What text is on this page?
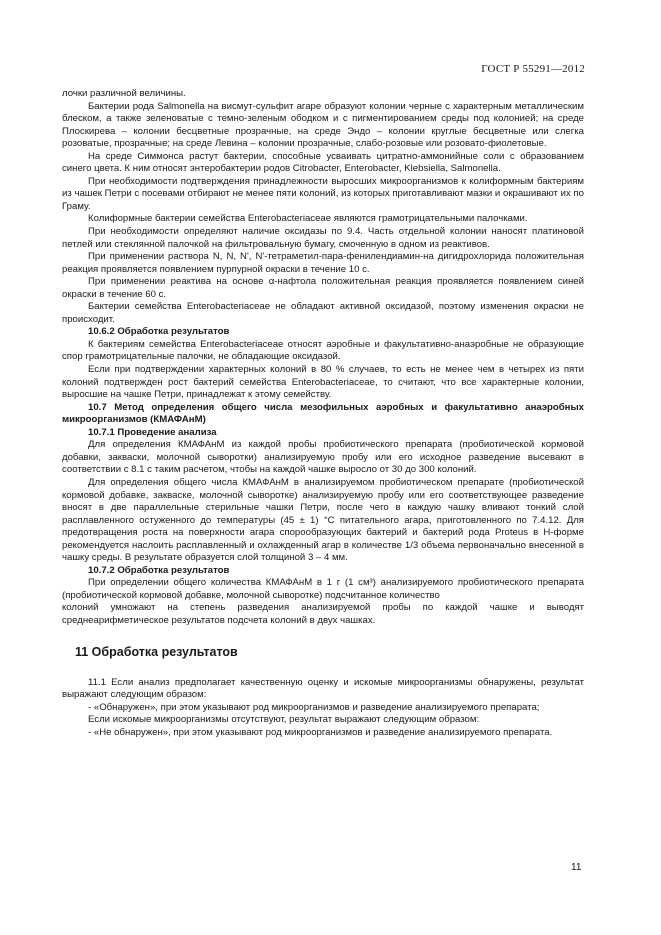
ГОСТ Р 55291—2012

лочки различной величины.

Бактерии рода Salmonella на висмут-сульфит агаре образуют колонии черные с характерным металлическим блеском, а также зеленоватые с темно-зеленым ободком и с пигментированием среды под колонией; на среде Плоскирева – колонии бесцветные прозрачные, на среде Эндо – колонии круглые бесцветные или слегка розоватые, прозрачные; на среде Левина – колонии прозрачные, слабо-розовые или розовато-фиолетовые.

На среде Симмонса растут бактерии, способные усваивать цитратно-аммонийные соли с образованием синего цвета. К ним относят энтеробактерии родов Citrobacter, Enterobacter, Klebsiella, Salmonella.

При необходимости подтверждения принадлежности выросших микроорганизмов к колиформным бактериям из чашек Петри с посевами отбирают не менее пяти колоний, из которых приготавливают мазки и окрашивают их по Граму.

Колиформные бактерии семейства Enterobacteriaceae являются грамотрицательными палочками.

При необходимости определяют наличие оксидазы по 9.4. Часть отдельной колонии наносят платиновой петлей или стеклянной палочкой на фильтровальную бумагу, смоченную в одном из реактивов.

При применении раствора N, N, N', N'-тетраметил-пара-фенилендиамин-на дигидрохлорида положительная реакция проявляется появлением пурпурной окраски в течение 10 с.

При применении реактива на основе α-нафтола положительная реакция проявляется появлением синей окраски в течение 60 с.

Бактерии семейства Enterobacteriaceae не обладают активной оксидазой, поэтому изменения окраски не происходит.

10.6.2 Обработка результатов

К бактериям семейства Enterobacteriaceae относят аэробные и факультативно-анаэробные не образующие спор грамотрицательные палочки, не обладающие оксидазой.

Если при подтверждении характерных колоний в 80 % случаев, то есть не менее чем в четырех из пяти колоний подтвержден рост бактерий семейства Enterobacteriaceae, то считают, что все характерные колонии, выросшие на чашке Петри, принадлежат к этому семейству.

10.7 Метод определения общего числа мезофильных аэробных и факультативно анаэробных микроорганизмов (КМАФАнМ)

10.7.1 Проведение анализа

Для определения КМАФАнМ из каждой пробы пробиотического препарата (пробиотической кормовой добавки, закваски, молочной сыворотки) анализируемую пробу или его исходное разведение высевают в соответствии с 8.1 с таким расчетом, чтобы на каждой чашке выросло от 30 до 300 колоний.

Для определения общего числа КМАФАнМ в анализируемом пробиотическом препарате (пробиотической кормовой добавке, закваске, молочной сыворотке) анализируемую пробу или его соответствующее разведение вносят в две параллельные стерильные чашки Петри, после чего в каждую чашку вливают тонкий слой расплавленного остуженного до температуры (45 ± 1) °С питательного агара, приготовленного по 7.4.12. Для предотвращения роста на поверхности агара спорообразующих бактерий и бактерий рода Proteus в Н-форме рекомендуется наслоить расплавленный и охлажденный агар в количестве 1/3 объема первоначально внесенной в чашку среды. В результате образуется слой толщиной 3 – 4 мм.

10.7.2 Обработка результатов

При определении общего количества КМАФАнМ в 1 г (1 см³) анализируемого пробиотического препарата (пробиотической кормовой добавке, молочной сыворотке) подсчитанное количество

колоний умножают на степень разведения анализируемой пробы по каждой чашке и выводят среднеарифметическое результатов подсчета колоний в двух чашках.

11 Обработка результатов

11.1 Если анализ предполагает качественную оценку и искомые микроорганизмы обнаружены, результат выражают следующим образом:

- «Обнаружен», при этом указывают род микроорганизмов и разведение анализируемого препарата;

Если искомые микроорганизмы отсутствуют, результат выражают следующим образом:

- «Не обнаружен», при этом указывают род микроорганизмов и разведение анализируемого препарата.

11
